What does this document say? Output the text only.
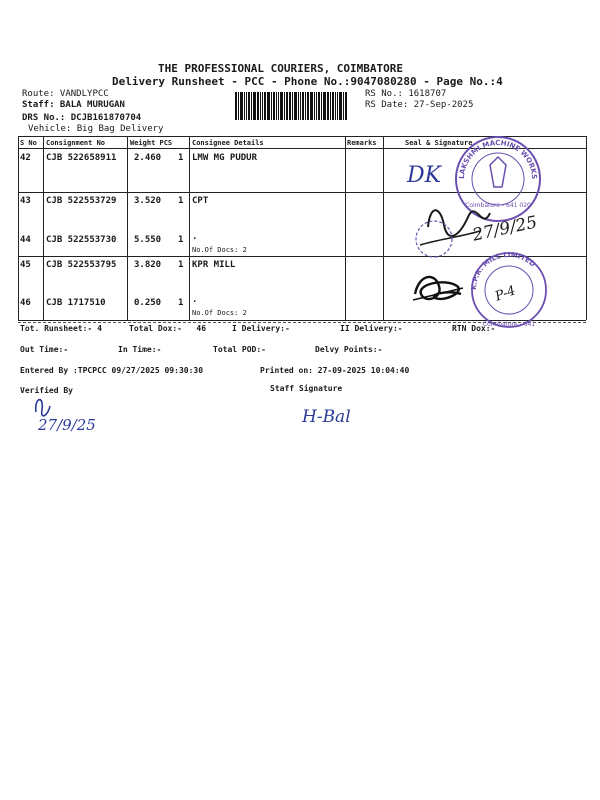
THE PROFESSIONAL COURIERS, COIMBATORE
Delivery Runsheet - PCC - Phone No.:9047080280 - Page No.:4
Route: VANDLYPCC
Staff: BALA MURUGAN
DRS No.: DCJB161870704
Vehicle: Big Bag Delivery
RS No.: 1618707
RS Date: 27-Sep-2025
S No Consignment No	Weight PCS	Consignee Details	Remarks	Seal & Signature
42 CJB 522658911 2.460 1 LMW MG PUDUR
43 CJB 522553729 3.520 1 CPT
44 CJB 522553730 5.550 1 .
No.Of Docs: 2
45 CJB 522553795 3.820 1 KPR MILL
46 CJB 1717510	0.250 1 .
No.Of Docs: 2
Tot. Runsheet:- 4	Total Dox:-   46	I Delivery:-	II Delivery:-	RTN Dox:-
Out Time:-	In Time:-	Total POD:-	Delvy Points:-
Entered By :TPCPCC 09/27/2025 09:30:30	Printed on: 27-09-2025 10:04:40
Verified By	Staff Signature
LAKSHMI MACHINE WORKS LTD.
Coimbatore - 641 020
DK
27/9/25
K.P.R. MILL LIMITED
Coimbatore - 641
P-4
27/9/25	H-Bal
